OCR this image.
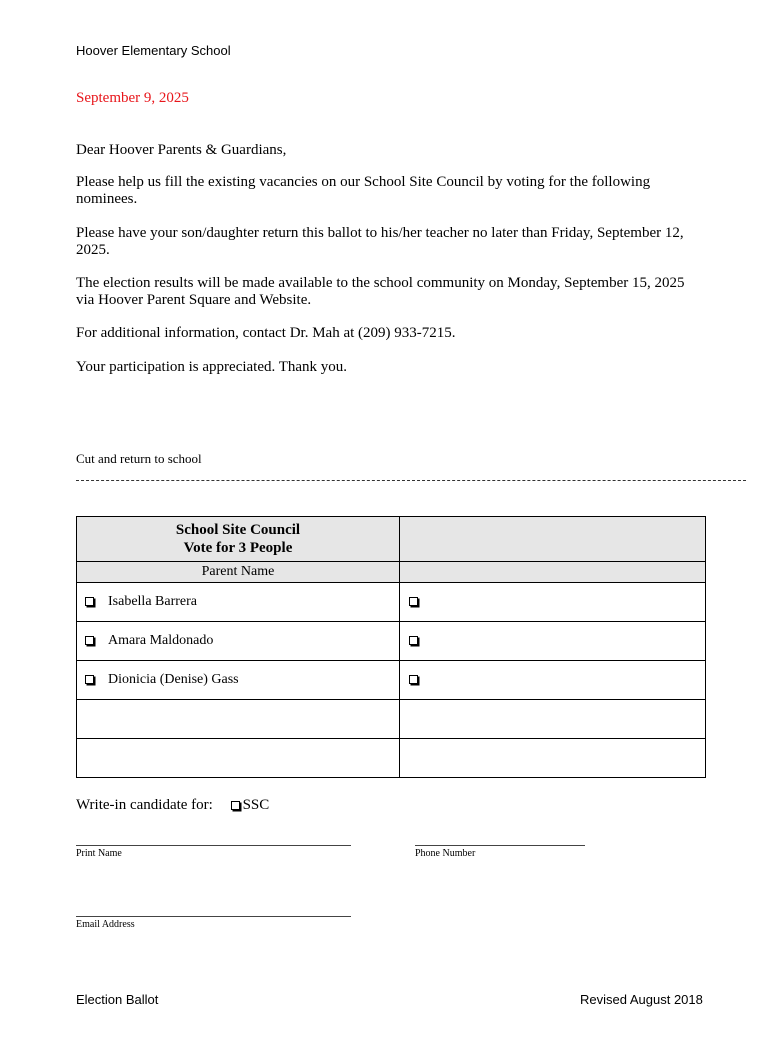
Hoover Elementary School
September 9, 2025
Dear Hoover Parents & Guardians,
Please help us fill the existing vacancies on our School Site Council by voting for the following nominees.
Please have your son/daughter return this ballot to his/her teacher no later than Friday, September 12, 2025.
The election results will be made available to the school community on Monday, September 15, 2025 via Hoover Parent Square and Website.
For additional information, contact Dr. Mah at (209) 933-7215.
Your participation is appreciated. Thank you.
Cut and return to school
School Site Council
Vote for 3 People	

Parent Name	
Isabella Barrera	
Amara Maldonado	
Dionicia (Denise) Gass	

Write-in candidate for: SSC
Print Name	Phone Number
Email Address
Election Ballot	Revised August 2018
